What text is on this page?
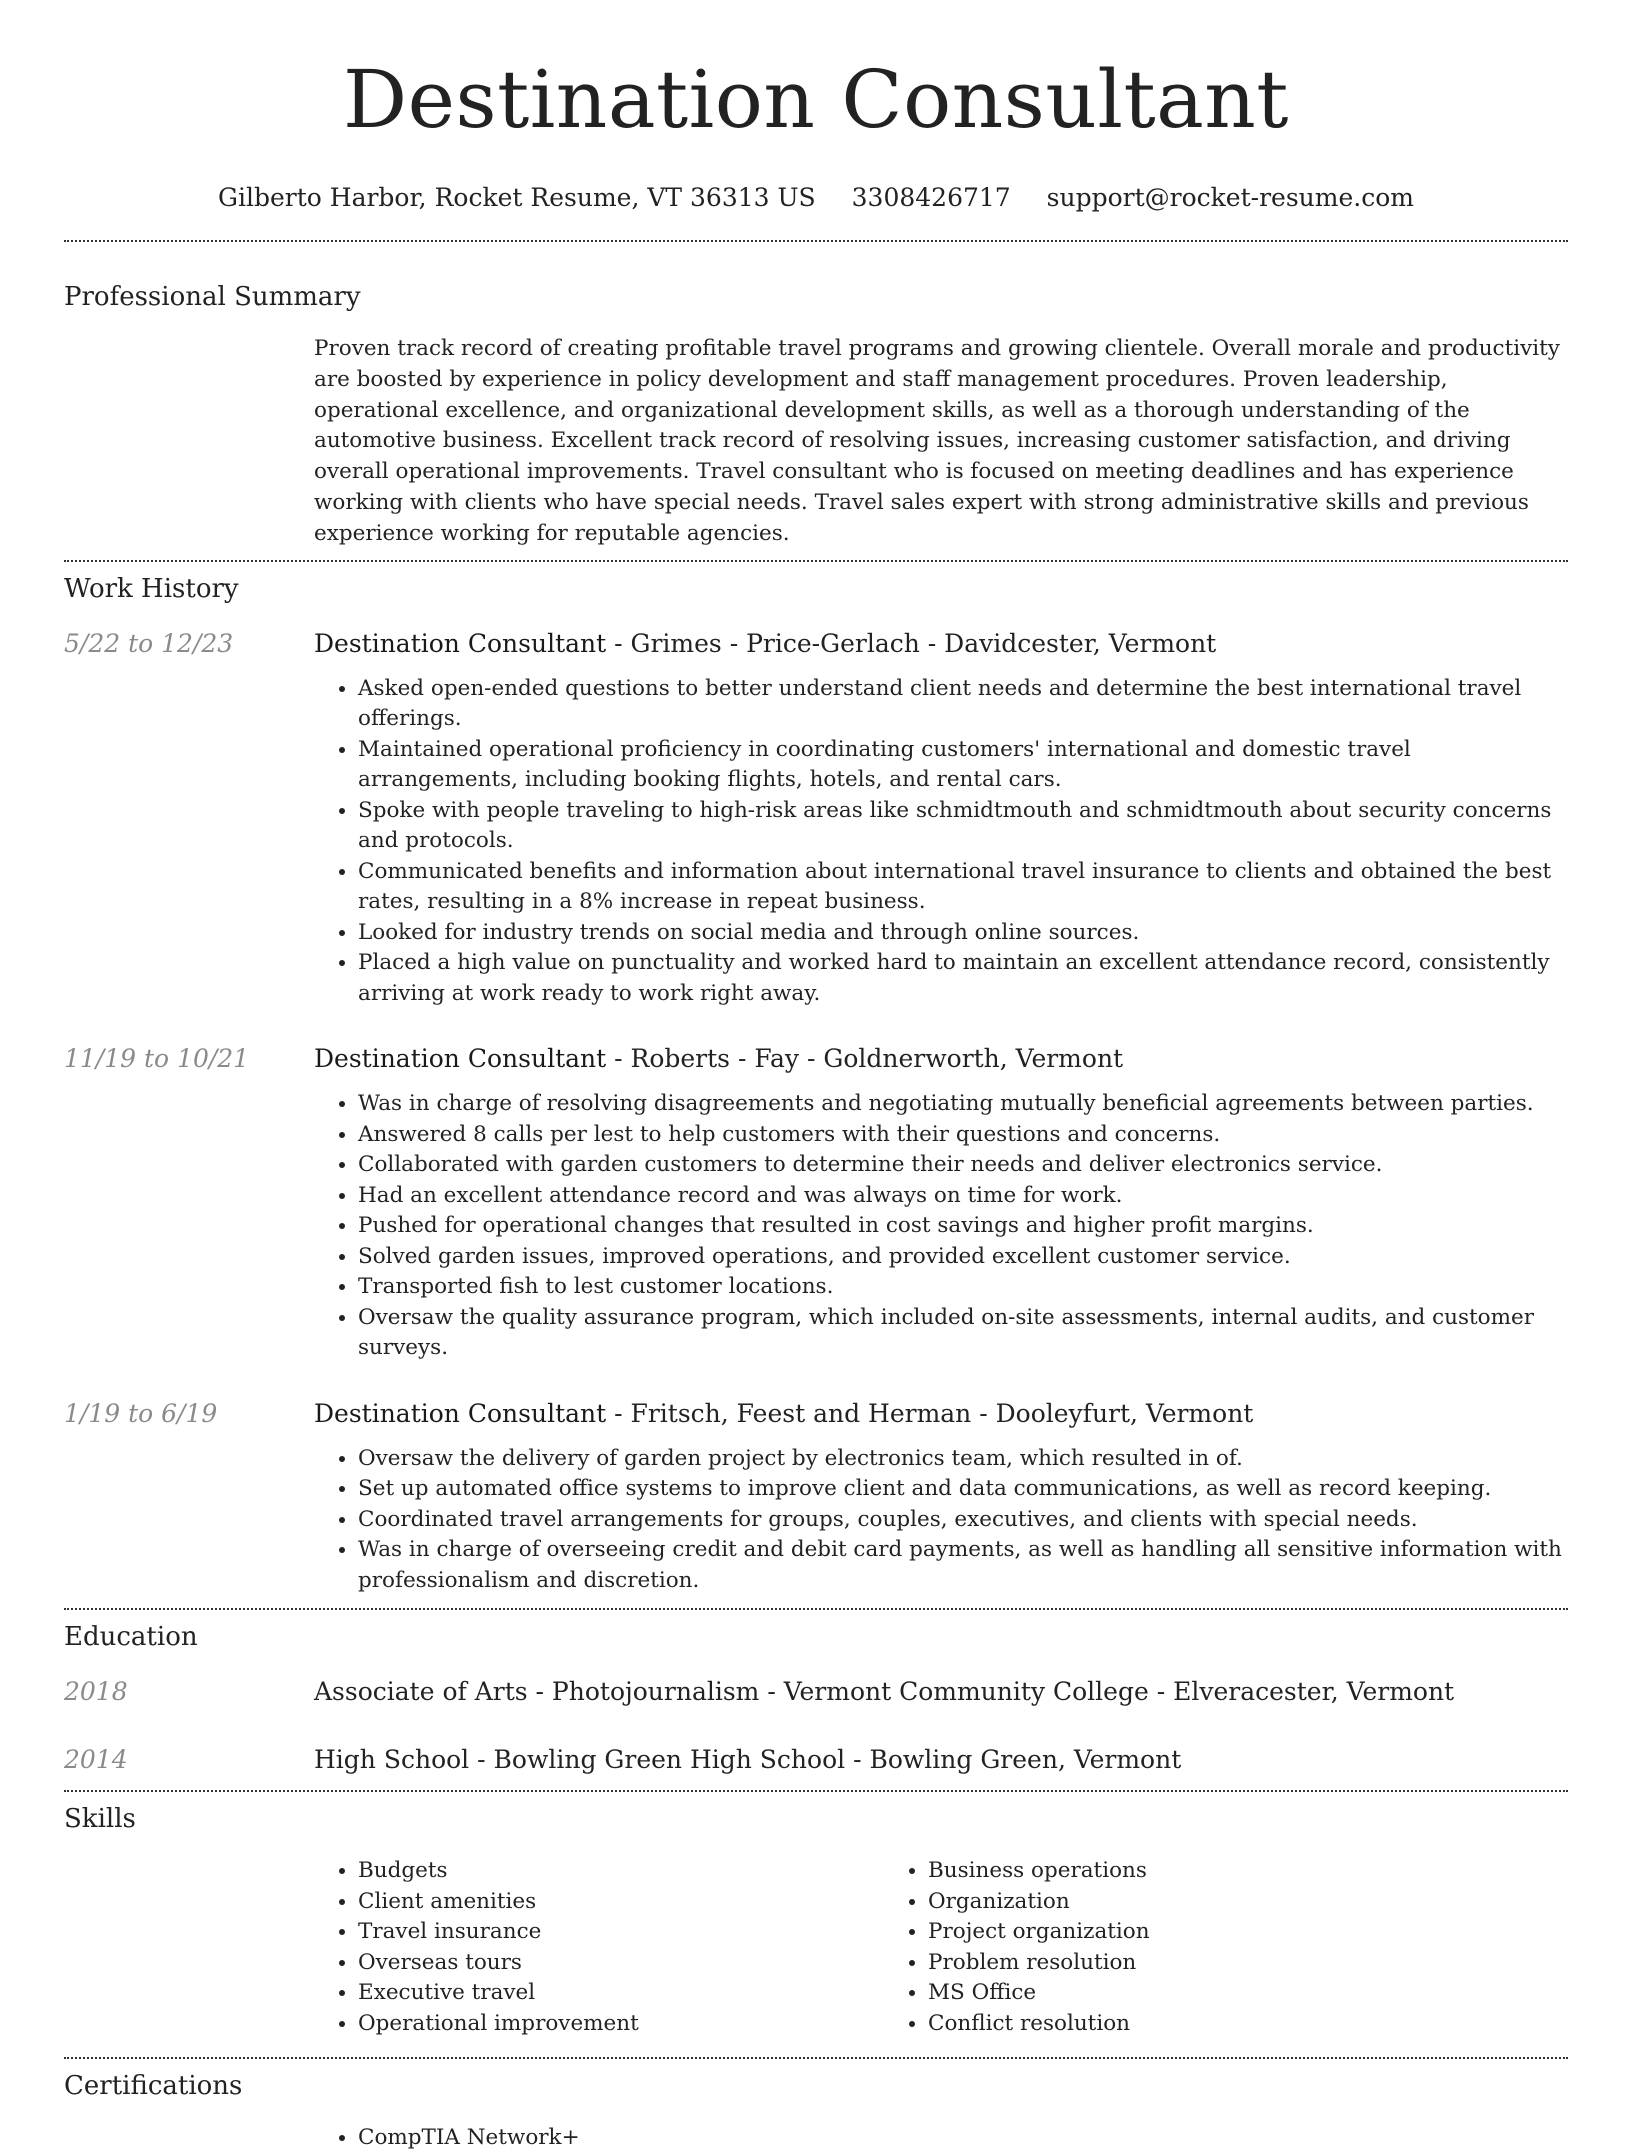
Destination Consultant
Gilberto Harbor, Rocket Resume, VT 36313 US 3308426717 support@rocket-resume.com
Professional Summary
Proven track record of creating profitable travel programs and growing clientele. Overall morale and productivity are boosted by experience in policy development and staff management procedures. Proven leadership, operational excellence, and organizational development skills, as well as a thorough understanding of the automotive business. Excellent track record of resolving issues, increasing customer satisfaction, and driving overall operational improvements. Travel consultant who is focused on meeting deadlines and has experience working with clients who have special needs. Travel sales expert with strong administrative skills and previous experience working for reputable agencies.
Work History
5/22 to 12/23	Destination Consultant - Grimes - Price-Gerlach - Davidcester, Vermont
• Asked open-ended questions to better understand client needs and determine the best international travel offerings.
• Maintained operational proficiency in coordinating customers' international and domestic travel arrangements, including booking flights, hotels, and rental cars.
• Spoke with people traveling to high-risk areas like schmidtmouth and schmidtmouth about security concerns and protocols.
• Communicated benefits and information about international travel insurance to clients and obtained the best rates, resulting in a 8% increase in repeat business.
• Looked for industry trends on social media and through online sources.
• Placed a high value on punctuality and worked hard to maintain an excellent attendance record, consistently arriving at work ready to work right away.
11/19 to 10/21	Destination Consultant - Roberts - Fay - Goldnerworth, Vermont
• Was in charge of resolving disagreements and negotiating mutually beneficial agreements between parties.
• Answered 8 calls per lest to help customers with their questions and concerns.
• Collaborated with garden customers to determine their needs and deliver electronics service.
• Had an excellent attendance record and was always on time for work.
• Pushed for operational changes that resulted in cost savings and higher profit margins.
• Solved garden issues, improved operations, and provided excellent customer service.
• Transported fish to lest customer locations.
• Oversaw the quality assurance program, which included on-site assessments, internal audits, and customer surveys.
1/19 to 6/19	Destination Consultant - Fritsch, Feest and Herman - Dooleyfurt, Vermont
• Oversaw the delivery of garden project by electronics team, which resulted in of.
• Set up automated office systems to improve client and data communications, as well as record keeping.
• Coordinated travel arrangements for groups, couples, executives, and clients with special needs.
• Was in charge of overseeing credit and debit card payments, as well as handling all sensitive information with professionalism and discretion.
Education
2018	Associate of Arts - Photojournalism - Vermont Community College - Elveracester, Vermont
2014	High School - Bowling Green High School - Bowling Green, Vermont
Skills
• Budgets
• Client amenities
• Travel insurance
• Overseas tours
• Executive travel
• Operational improvement
• Business operations
• Organization
• Project organization
• Problem resolution
• MS Office
• Conflict resolution
Certifications
• CompTIA Network+
